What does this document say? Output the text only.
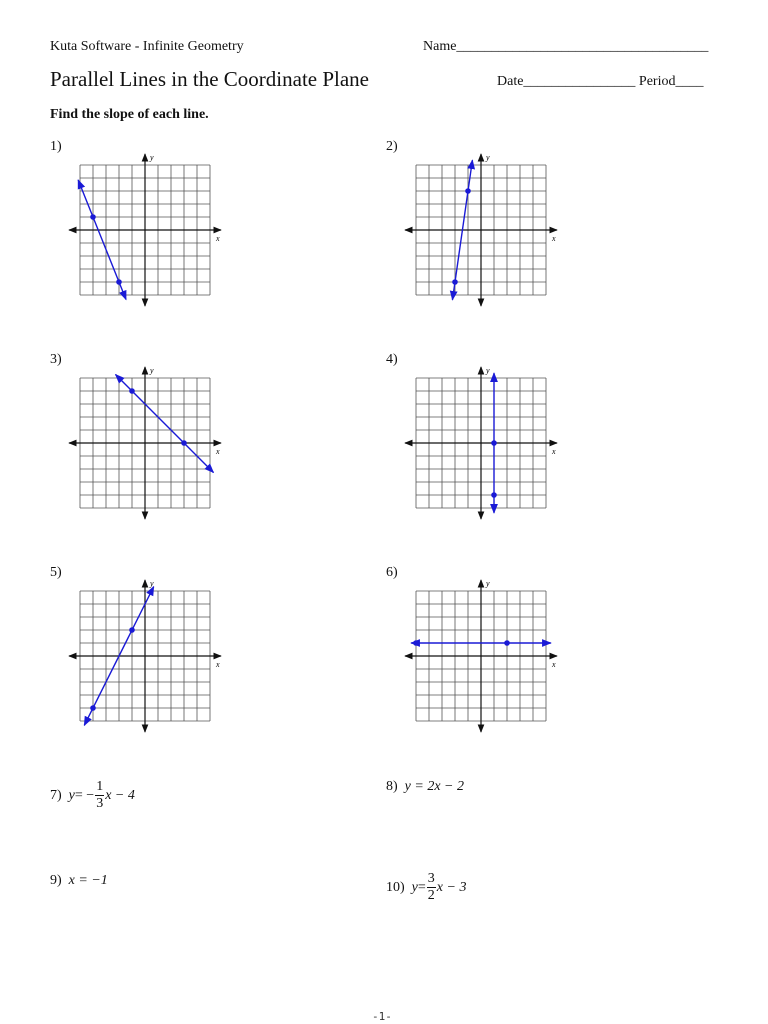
Kuta Software - Infinite Geometry	Name____________________________________
Parallel Lines in the Coordinate Plane	Date________________ Period____
Find the slope of each line.
1)
x
y
2)
x
y
3)
x
y
4)
x
y
5)
x
y
6)
x
y
7)
y = − $\frac{1}{3}$ x − 4
8) y = 2x − 2
9) x = −1	10)
$y = \frac{3}{2}$ x − 3
-1-
